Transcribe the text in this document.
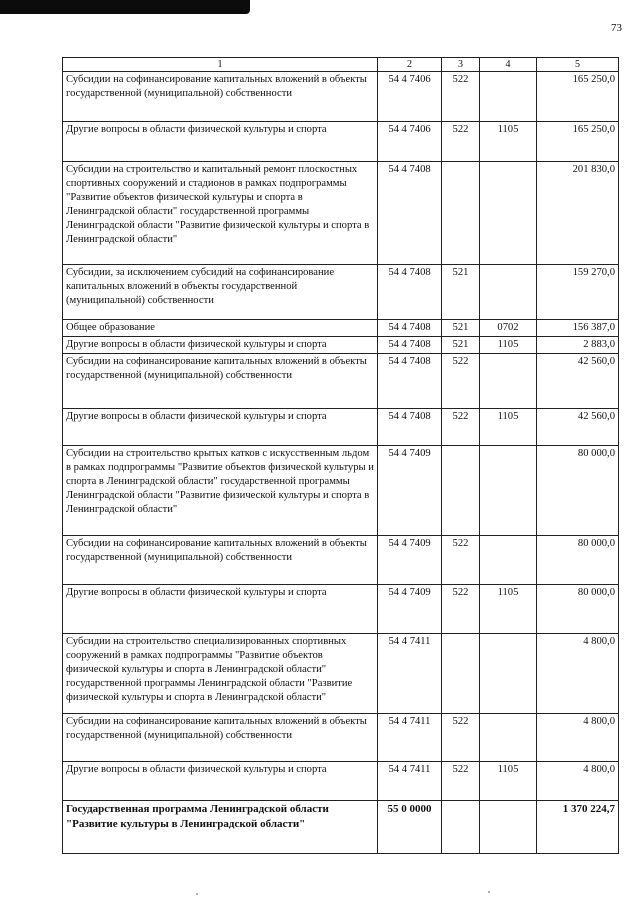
73
1	2	3	4	5
Субсидии на софинансирование капитальных вложений в объекты государственной (муниципальной) собственности	54 4 7406	522		165 250,0
Другие вопросы в области физической культуры и спорта	54 4 7406	522	1105	165 250,0
Субсидии на строительство и капитальный ремонт плоскостных спортивных сооружений и стадионов в рамках подпрограммы "Развитие объектов физической культуры и спорта в Ленинградской области" государственной программы Ленинградской области "Развитие физической культуры и спорта в Ленинградской области"	54 4 7408			201 830,0
Субсидии, за исключением субсидий на софинансирование капитальных вложений в объекты государственной (муниципальной) собственности	54 4 7408	521		159 270,0
Общее образование	54 4 7408	521	0702	156 387,0
Другие вопросы в области физической культуры и спорта	54 4 7408	521	1105	2 883,0
Субсидии на софинансирование капитальных вложений в объекты государственной (муниципальной) собственности	54 4 7408	522		42 560,0
Другие вопросы в области физической культуры и спорта	54 4 7408	522	1105	42 560,0
Субсидии на строительство крытых катков с искусственным льдом в рамках подпрограммы "Развитие объектов физической культуры и спорта в Ленинградской области" государственной программы Ленинградской области "Развитие физической культуры и спорта в Ленинградской области"	54 4 7409			80 000,0
Субсидии на софинансирование капитальных вложений в объекты государственной (муниципальной) собственности	54 4 7409	522		80 000,0
Другие вопросы в области физической культуры и спорта	54 4 7409	522	1105	80 000,0
Субсидии на строительство специализированных спортивных сооружений в рамках подпрограммы "Развитие объектов физической культуры и спорта в Ленинградской области" государственной программы Ленинградской области "Развитие физической культуры и спорта в Ленинградской области"	54 4 7411			4 800,0
Субсидии на софинансирование капитальных вложений в объекты государственной (муниципальной) собственности	54 4 7411	522		4 800,0
Другие вопросы в области физической культуры и спорта	54 4 7411	522	1105	4 800,0
Государственная программа Ленинградской области "Развитие культуры в Ленинградской области"	55 0 0000			1 370 224,7
